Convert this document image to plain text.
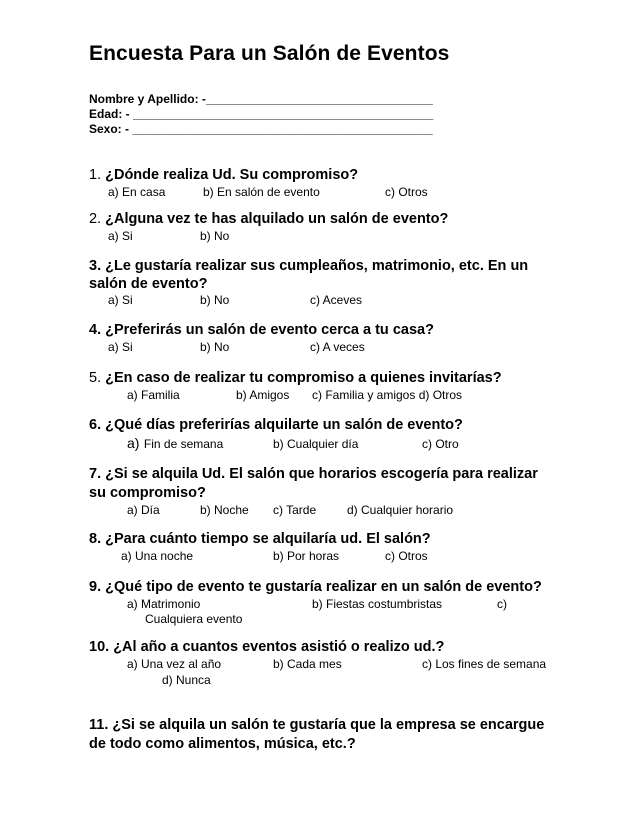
Encuesta Para un Salón de Eventos
Nombre y Apellido: -__________________________________
Edad: - _____________________________________________
Sexo: - _____________________________________________
1. ¿Dónde realiza Ud. Su compromiso?
a) En casa	b) En salón de evento	c) Otros
2. ¿Alguna vez te has alquilado un salón de evento?
a) Si	b) No
3. ¿Le gustaría realizar sus cumpleaños, matrimonio, etc. En un
salón de evento?
a) Si	b) No	c) Aceves
4. ¿Preferirás un salón de evento cerca a tu casa?
a) Si	b) No	c) A veces
5. ¿En caso de realizar tu compromiso a quienes invitarías?
a) Familia	b) Amigos c) Familia y amigos d) Otros
6. ¿Qué días preferirías alquilarte un salón de evento?
a) Fin de semana	b) Cualquier día	c) Otro
7. ¿Si se alquila Ud. El salón que horarios escogería para realizar
su compromiso?
a) Día	b) Noche c) Tarde	d) Cualquier horario
8. ¿Para cuánto tiempo se alquilaría ud. El salón?
a) Una noche	b) Por horas	c) Otros
9. ¿Qué tipo de evento te gustaría realizar en un salón de evento?
a) Matrimonio	b) Fiestas costumbristas	c)
Cualquiera evento
10. ¿Al año a cuantos eventos asistió o realizo ud.?
a) Una vez al año	b) Cada mes	c) Los fines de semana
d) Nunca
11. ¿Si se alquila un salón te gustaría que la empresa se encargue
de todo como alimentos, música, etc.?
